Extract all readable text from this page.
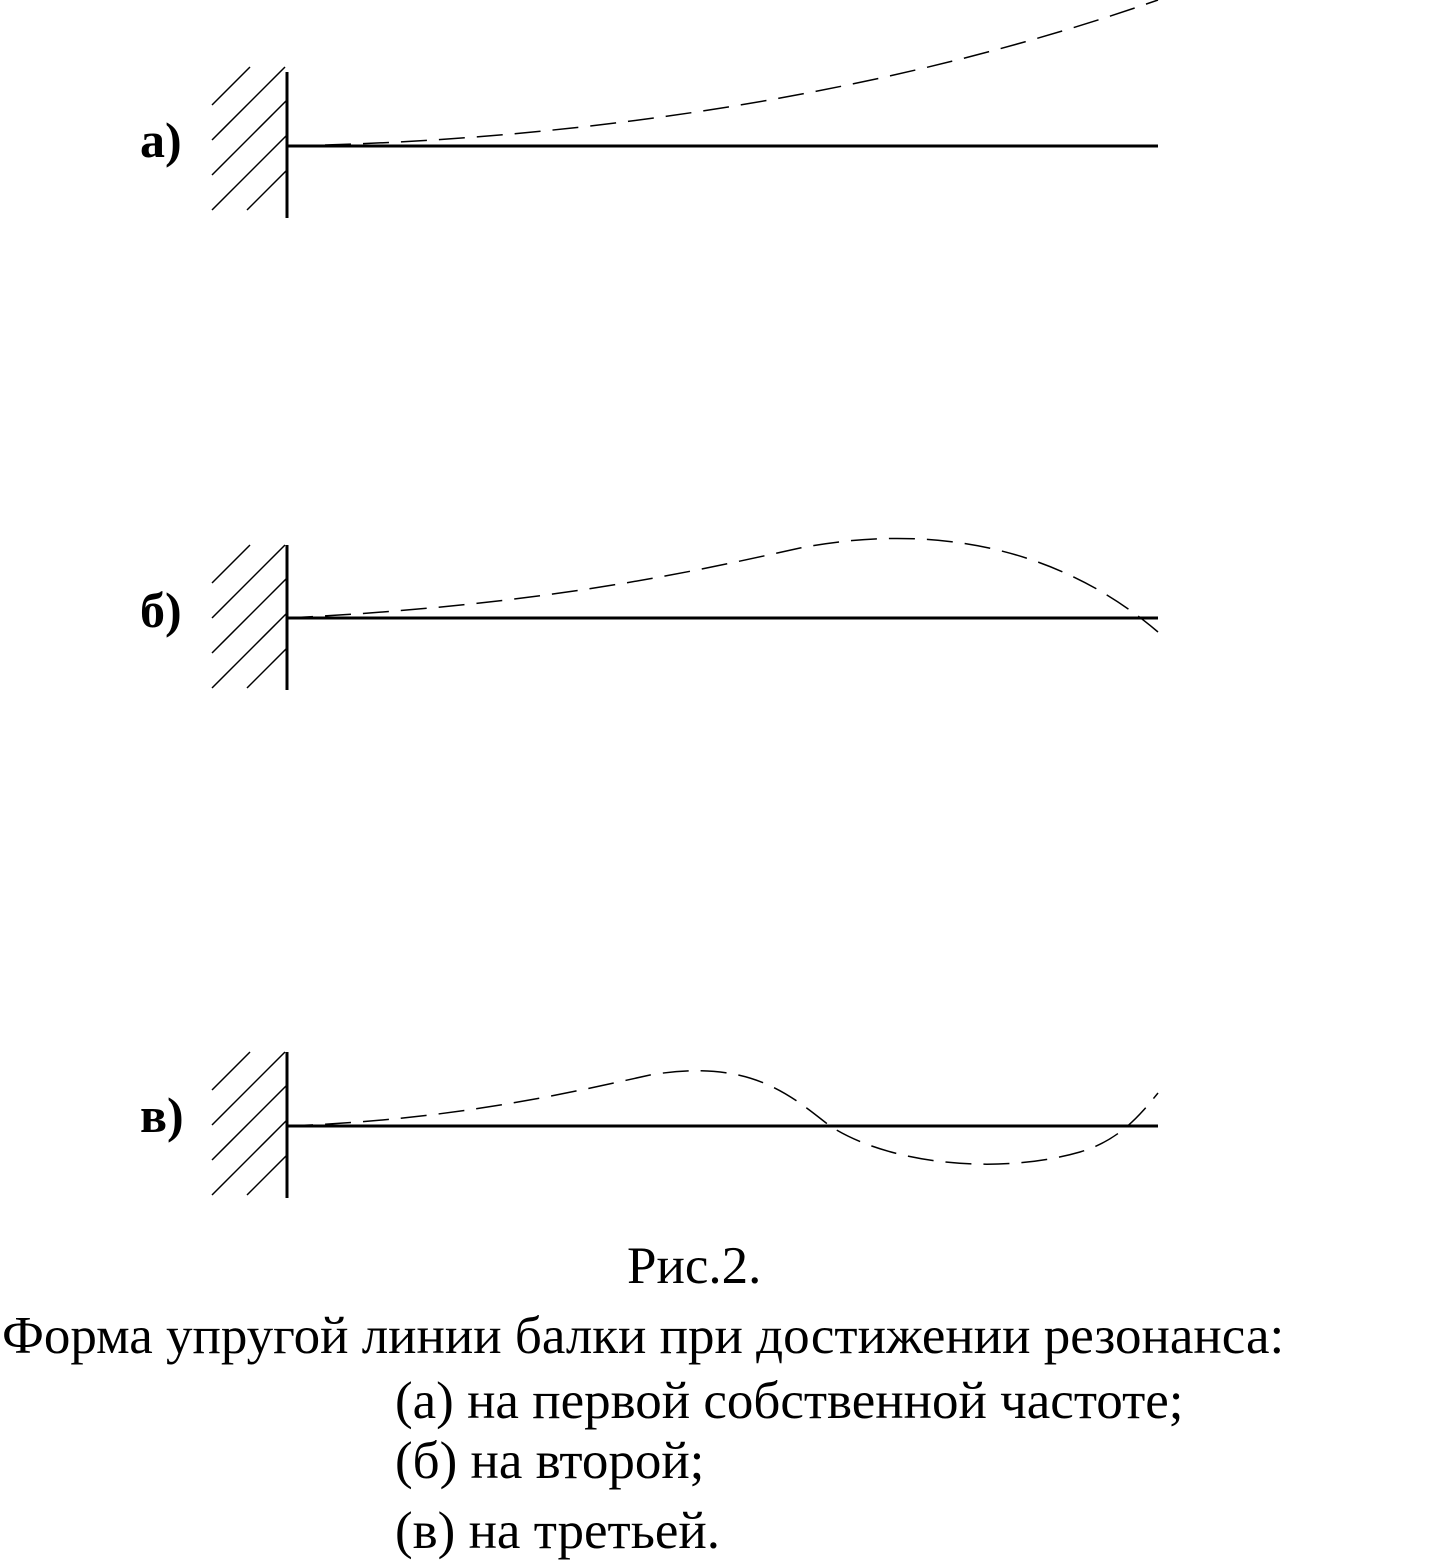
а)
б)
в)
Рис.2.
Форма упругой линии балки при достижении резонанса:
(а) на первой собственной частоте;
(б) на второй;
(в) на третьей.
